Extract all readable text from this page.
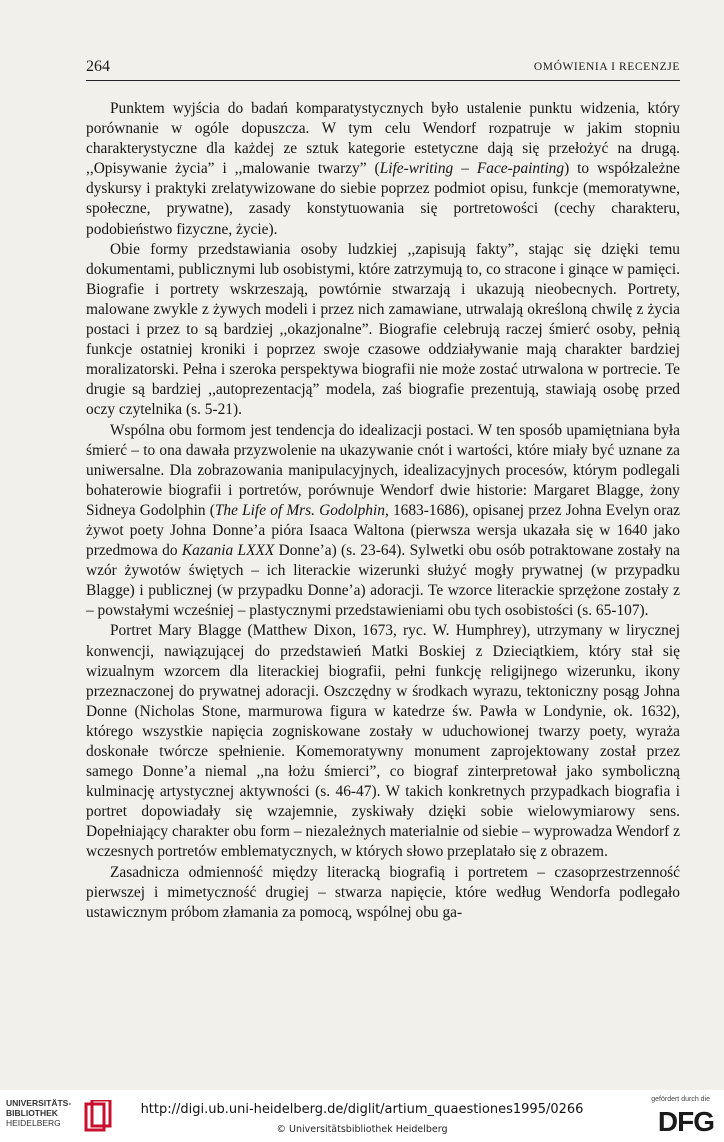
264	OMÓWIENIA I RECENZJE

Punktem wyjścia do badań komparatystycznych było ustalenie punktu widzenia, który porównanie w ogóle dopuszcza. W tym celu Wendorf rozpatruje w jakim stopniu charakterystyczne dla każdej ze sztuk kategorie estetyczne dają się przełożyć na drugą. ,,Opisywanie życia” i ,,malowanie twarzy” (Life-writing – Face-painting) to współzależne dyskursy i praktyki zrelatywizowane do siebie poprzez podmiot opisu, funkcje (memoratywne, społeczne, prywatne), zasady konstytuowania się portretowości (cechy charakteru, podobieństwo fizyczne, życie).

Obie formy przedstawiania osoby ludzkiej ,,zapisują fakty”, stając się dzięki temu dokumentami, publicznymi lub osobistymi, które zatrzymują to, co stracone i ginące w pamięci. Biografie i portrety wskrzeszają, powtórnie stwarzają i ukazują nieobecnych. Portrety, malowane zwykle z żywych modeli i przez nich zamawiane, utrwalają określoną chwilę z życia postaci i przez to są bardziej ,,okazjonalne”. Biografie celebrują raczej śmierć osoby, pełnią funkcje ostatniej kroniki i poprzez swoje czasowe oddziaływanie mają charakter bardziej moralizatorski. Pełna i szeroka perspektywa biografii nie może zostać utrwalona w portrecie. Te drugie są bardziej ,,autoprezentacją” modela, zaś biografie prezentują, stawiają osobę przed oczy czytelnika (s. 5-21).

Wspólna obu formom jest tendencja do idealizacji postaci. W ten sposób upamiętniana była śmierć – to ona dawała przyzwolenie na ukazywanie cnót i wartości, które miały być uznane za uniwersalne. Dla zobrazowania manipulacyjnych, idealizacyjnych procesów, którym podlegali bohaterowie biografii i portretów, porównuje Wendorf dwie historie: Margaret Blagge, żony Sidneya Godolphin (The Life of Mrs. Godolphin, 1683-1686), opisanej przez Johna Evelyn oraz żywot poety Johna Donne’a pióra Isaaca Waltona (pierwsza wersja ukazała się w 1640 jako przedmowa do Kazania LXXX Donne’a) (s. 23-64). Sylwetki obu osób potraktowane zostały na wzór żywotów świętych – ich literackie wizerunki służyć mogły prywatnej (w przypadku Blagge) i publicznej (w przypadku Donne’a) adoracji. Te wzorce literackie sprzężone zostały z – powstałymi wcześniej – plastycznymi przedstawieniami obu tych osobistości (s. 65-107).

Portret Mary Blagge (Matthew Dixon, 1673, ryc. W. Humphrey), utrzymany w lirycznej konwencji, nawiązującej do przedstawień Matki Boskiej z Dzieciątkiem, który stał się wizualnym wzorcem dla literackiej biografii, pełni funkcję religijnego wizerunku, ikony przeznaczonej do prywatnej adoracji. Oszczędny w środkach wyrazu, tektoniczny posąg Johna Donne (Nicholas Stone, marmurowa figura w katedrze św. Pawła w Londynie, ok. 1632), którego wszystkie napięcia zogniskowane zostały w uduchowionej twarzy poety, wyraża doskonałe twórcze spełnienie. Komemoratywny monument zaprojektowany został przez samego Donne’a niemal ,,na łożu śmierci”, co biograf zinterpretował jako symboliczną kulminację artystycznej aktywności (s. 46-47). W takich konkretnych przypadkach biografia i portret dopowiadały się wzajemnie, zyskiwały dzięki sobie wielowymiarowy sens. Dopełniający charakter obu form – niezależnych materialnie od siebie – wyprowadza Wendorf z wczesnych portretów emblematycznych, w których słowo przeplatało się z obrazem.

Zasadnicza odmienność między literacką biografią i portretem – czasoprzestrzenność pierwszej i mimetyczność drugiej – stwarza napięcie, które według Wendorfa podlegało ustawicznym próbom złamania za pomocą, wspólnej obu ga-

UNIVERSITÄTS-
BIBLIOTHEK
HEIDELBERG
http://digi.ub.uni-heidelberg.de/diglit/artium_quaestiones1995/0266
© Universitätsbibliothek Heidelberg
gefördert durch die
DFG
